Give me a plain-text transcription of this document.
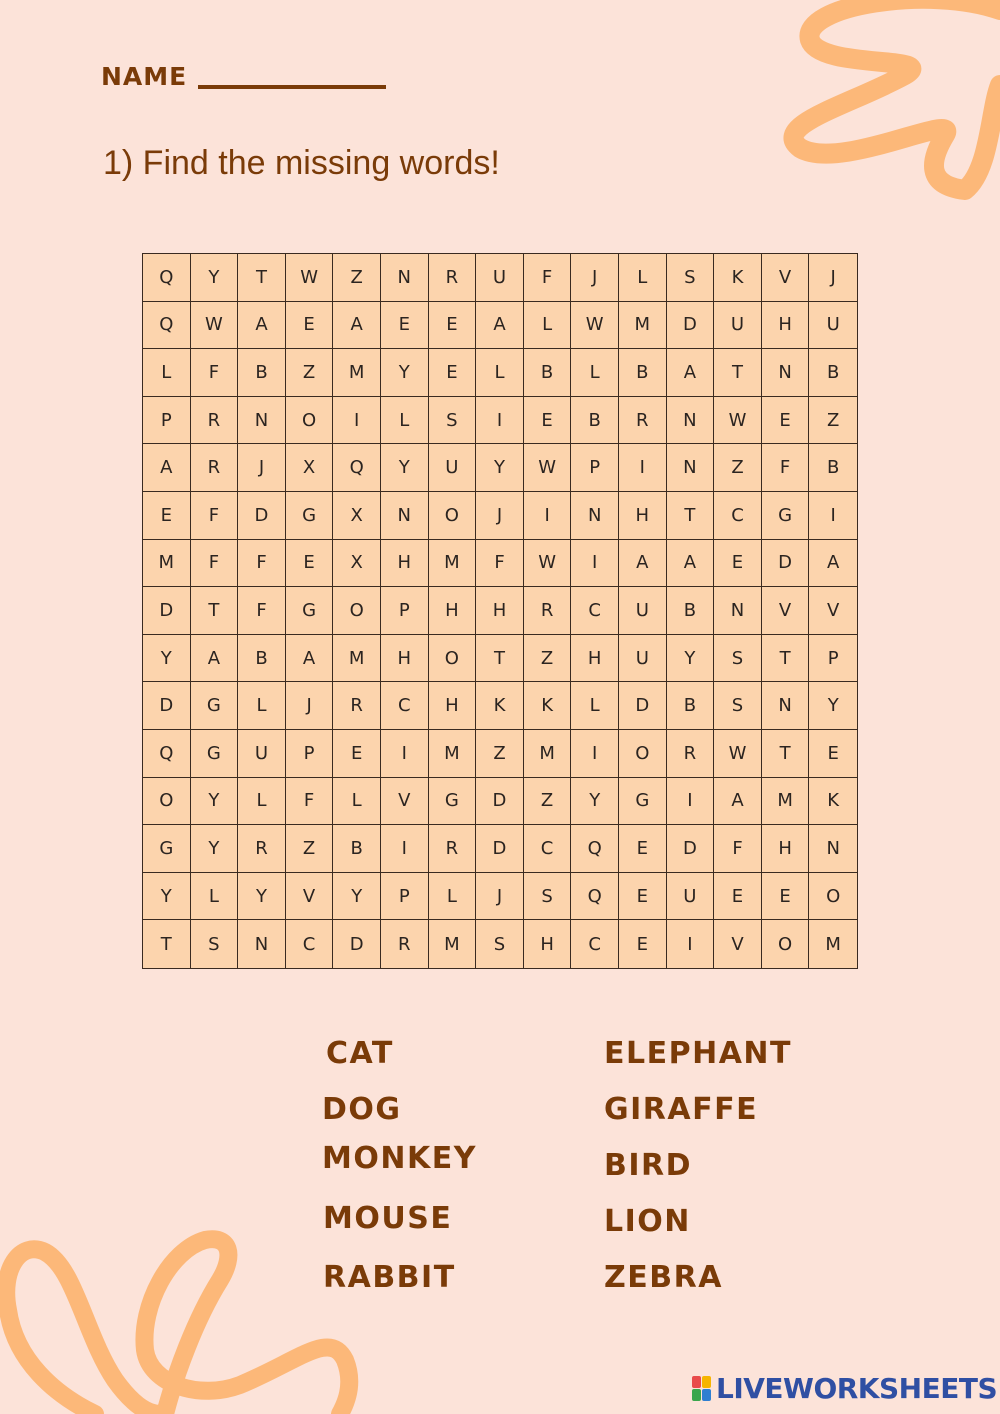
NAME
1) Find the missing words!
Q	Y	T	W	Z	N	R	U	F	J	L	S	K	V	J
Q	W	A	E	A	E	E	A	L	W	M	D	U	H	U
L	F	B	Z	M	Y	E	L	B	L	B	A	T	N	B
P	R	N	O	I	L	S	I	E	B	R	N	W	E	Z
A	R	J	X	Q	Y	U	Y	W	P	I	N	Z	F	B
E	F	D	G	X	N	O	J	I	N	H	T	C	G	I
M	F	F	E	X	H	M	F	W	I	A	A	E	D	A
D	T	F	G	O	P	H	H	R	C	U	B	N	V	V
Y	A	B	A	M	H	O	T	Z	H	U	Y	S	T	P
D	G	L	J	R	C	H	K	K	L	D	B	S	N	Y
Q	G	U	P	E	I	M	Z	M	I	O	R	W	T	E
O	Y	L	F	L	V	G	D	Z	Y	G	I	A	M	K
G	Y	R	Z	B	I	R	D	C	Q	E	D	F	H	N
Y	L	Y	V	Y	P	L	J	S	Q	E	U	E	E	O
T	S	N	C	D	R	M	S	H	C	E	I	V	O	M

CAT

DOG

MONKEY

MOUSE

RABBIT

ELEPHANT

GIRAFFE

BIRD

LION

ZEBRA

LIVEWORKSHEETS
